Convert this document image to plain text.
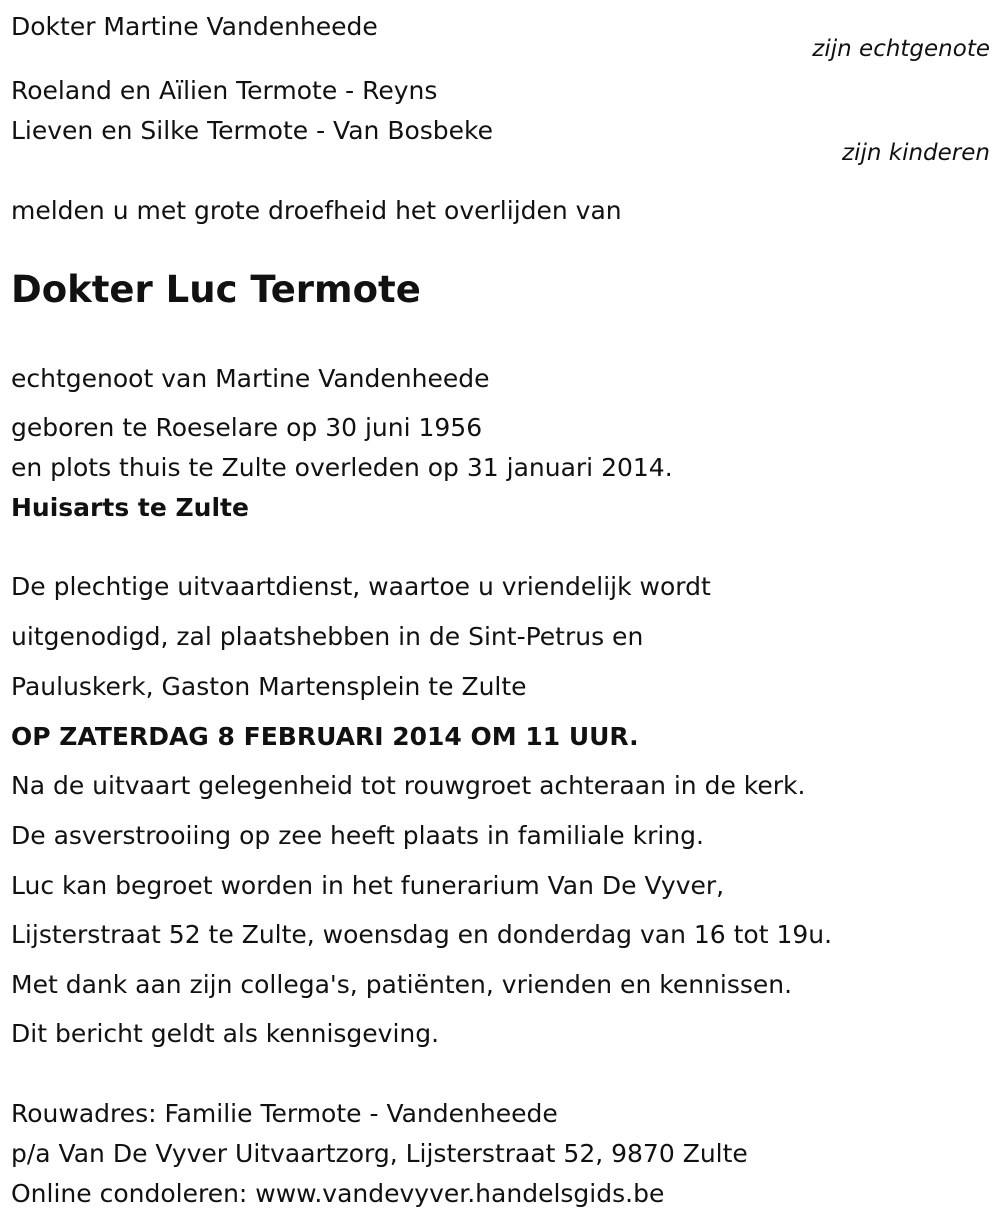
Dokter Martine Vandenheede
zijn echtgenote
Roeland en Aïlien Termote - Reyns
Lieven en Silke Termote - Van Bosbeke
zijn kinderen
melden u met grote droefheid het overlijden van
Dokter Luc Termote
echtgenoot van Martine Vandenheede
geboren te Roeselare op 30 juni 1956
en plots thuis te Zulte overleden op 31 januari 2014.
Huisarts te Zulte
De plechtige uitvaartdienst, waartoe u vriendelijk wordt
uitgenodigd, zal plaatshebben in de Sint-Petrus en
Pauluskerk, Gaston Martensplein te Zulte
OP ZATERDAG 8 FEBRUARI 2014 OM 11 UUR.
Na de uitvaart gelegenheid tot rouwgroet achteraan in de kerk.
De asverstrooiing op zee heeft plaats in familiale kring.
Luc kan begroet worden in het funerarium Van De Vyver,
Lijsterstraat 52 te Zulte, woensdag en donderdag van 16 tot 19u.
Met dank aan zijn collega's, patiënten, vrienden en kennissen.
Dit bericht geldt als kennisgeving.
Rouwadres: Familie Termote - Vandenheede
p/a Van De Vyver Uitvaartzorg, Lijsterstraat 52, 9870 Zulte
Online condoleren: www.vandevyver.handelsgids.be
